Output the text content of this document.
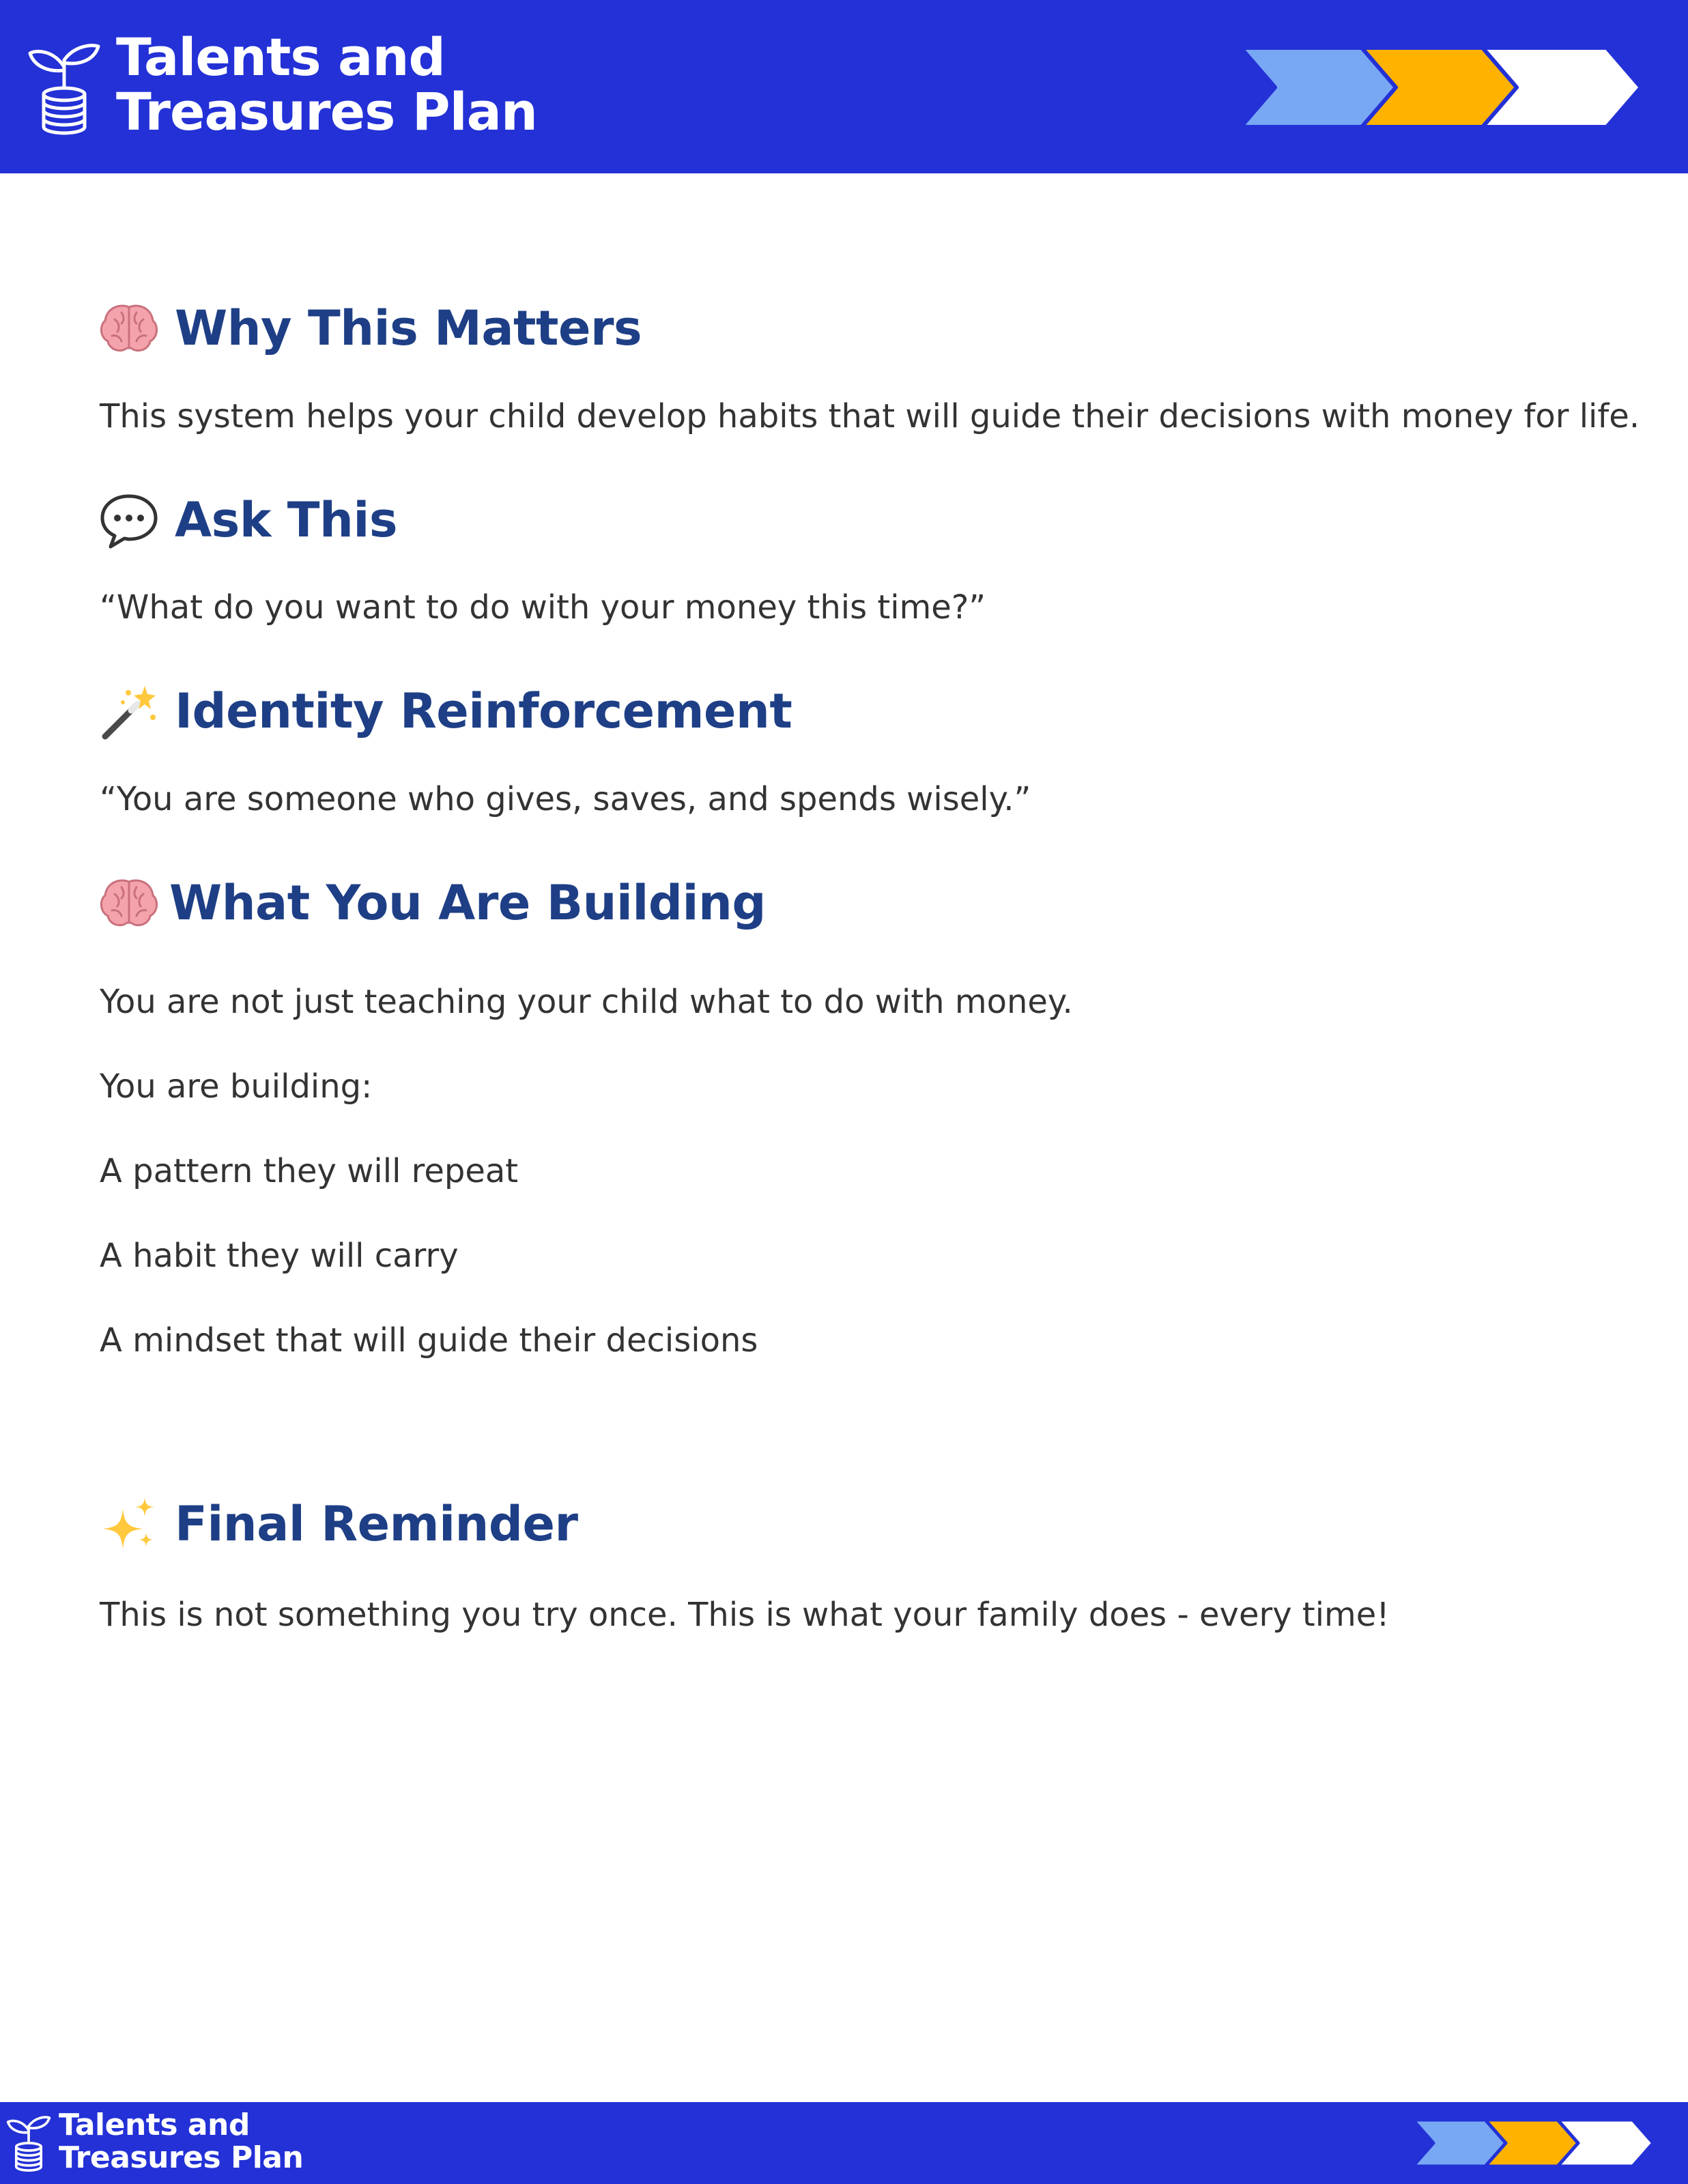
Talents and
Treasures Plan
Why This Matters

This system helps your child develop habits that will guide their decisions with money for life.

Ask This

“What do you want to do with your money this time?”

Identity Reinforcement

“You are someone who gives, saves, and spends wisely.”

What You Are Building

You are not just teaching your child what to do with money.

You are building:

A pattern they will repeat

A habit they will carry

A mindset that will guide their decisions

Final Reminder

This is not something you try once. This is what your family does - every time!

Talents and
Treasures Plan
